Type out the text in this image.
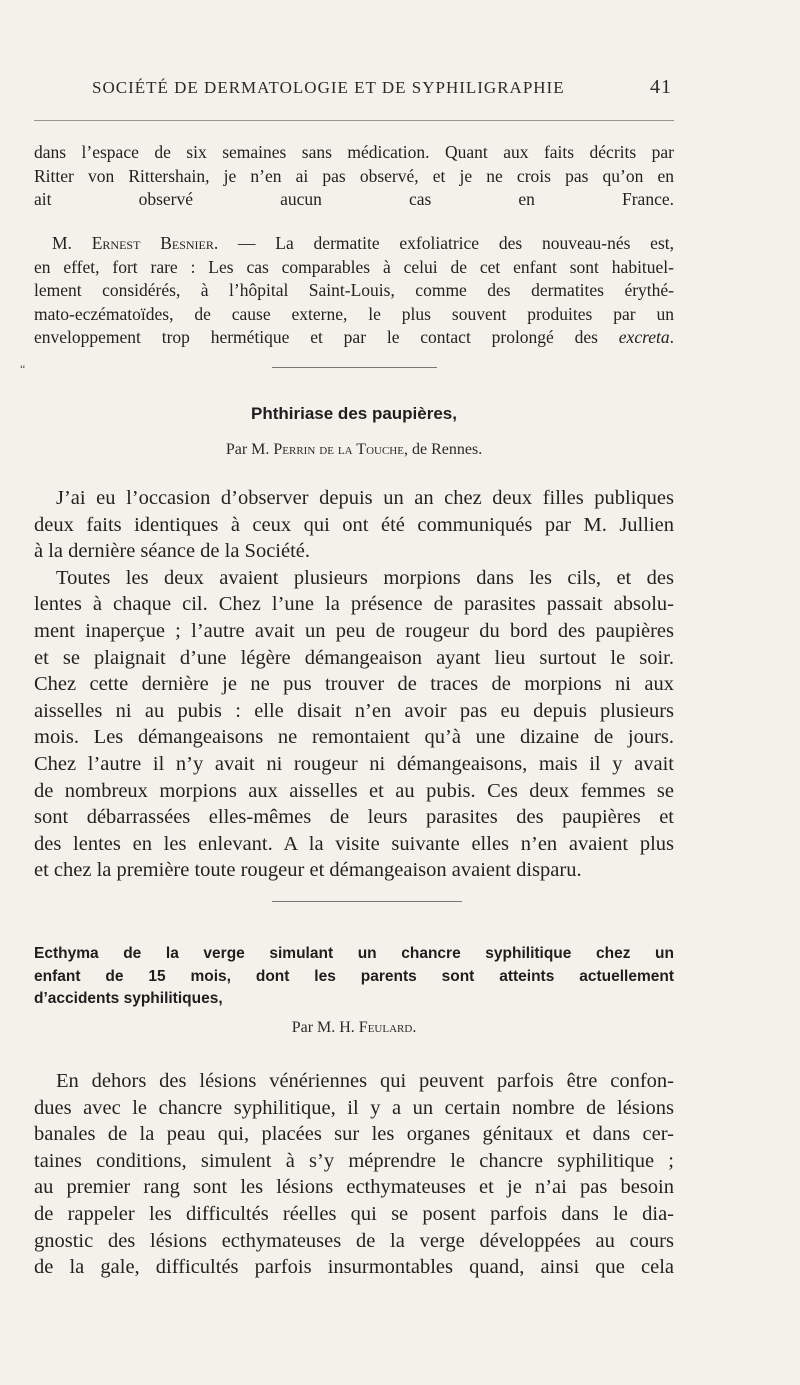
SOCIÉTÉ DE DERMATOLOGIE ET DE SYPHILIGRAPHIE	41
dans l’espace de six semaines sans médication. Quant aux faits décrits par
Ritter von Rittershain, je n’en ai pas observé, et je ne crois pas qu’on en
ait observé aucun cas en France.
M. Ernest Besnier. — La dermatite exfoliatrice des nouveau-nés est,
en effet, fort rare : Les cas comparables à celui de cet enfant sont habituel-
lement considérés, à l’hôpital Saint-Louis, comme des dermatites érythé-
mato-eczématoïdes, de cause externe, le plus souvent produites par un
enveloppement trop hermétique et par le contact prolongé des excreta.
“
Phthiriase des paupières,
Par M. Perrin de la Touche, de Rennes.
J’ai eu l’occasion d’observer depuis un an chez deux filles publiques
deux faits identiques à ceux qui ont été communiqués par M. Jullien
à la dernière séance de la Société.
Toutes les deux avaient plusieurs morpions dans les cils, et des
lentes à chaque cil. Chez l’une la présence de parasites passait absolu-
ment inaperçue ; l’autre avait un peu de rougeur du bord des paupières
et se plaignait d’une légère démangeaison ayant lieu surtout le soir.
Chez cette dernière je ne pus trouver de traces de morpions ni aux
aisselles ni au pubis : elle disait n’en avoir pas eu depuis plusieurs
mois. Les démangeaisons ne remontaient qu’à une dizaine de jours.
Chez l’autre il n’y avait ni rougeur ni démangeaisons, mais il y avait
de nombreux morpions aux aisselles et au pubis. Ces deux femmes se
sont débarrassées elles-mêmes de leurs parasites des paupières et
des lentes en les enlevant. A la visite suivante elles n’en avaient plus
et chez la première toute rougeur et démangeaison avaient disparu.
Ecthyma de la verge simulant un chancre syphilitique chez un
enfant de 15 mois, dont les parents sont atteints actuellement
d’accidents syphilitiques,
Par M. H. Feulard.
En dehors des lésions vénériennes qui peuvent parfois être confon-
dues avec le chancre syphilitique, il y a un certain nombre de lésions
banales de la peau qui, placées sur les organes génitaux et dans cer-
taines conditions, simulent à s’y méprendre le chancre syphilitique ;
au premier rang sont les lésions ecthymateuses et je n’ai pas besoin
de rappeler les difficultés réelles qui se posent parfois dans le dia-
gnostic des lésions ecthymateuses de la verge développées au cours
de la gale, difficultés parfois insurmontables quand, ainsi que cela
